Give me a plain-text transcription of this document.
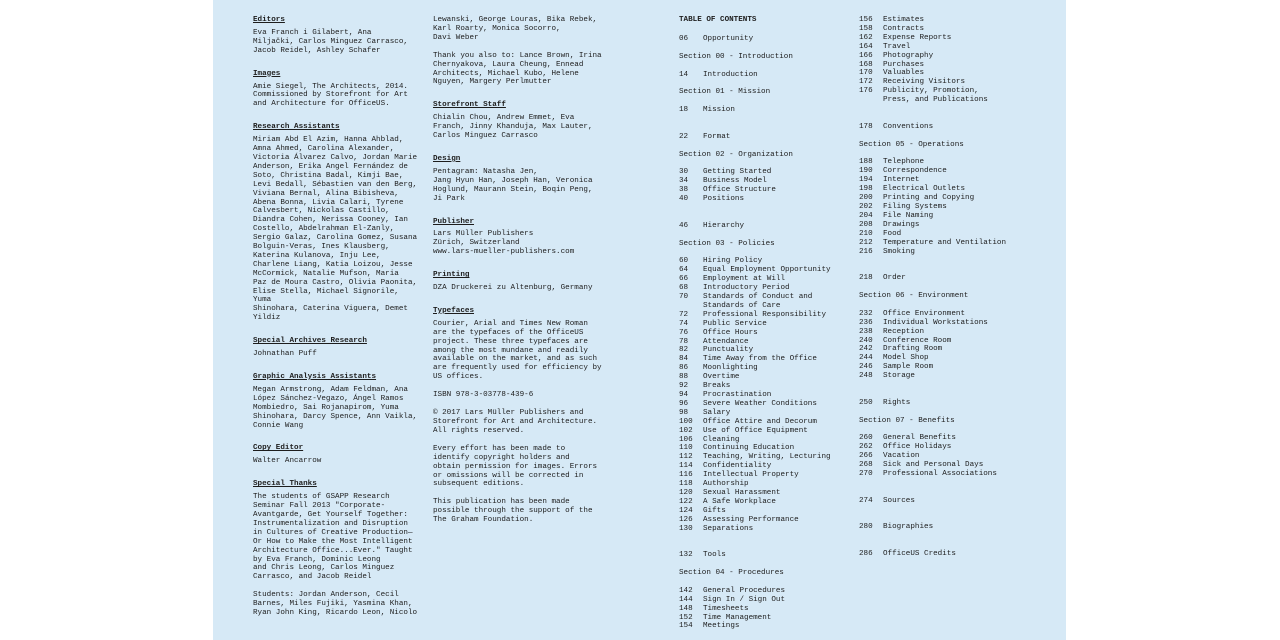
Editors
Eva Franch i Gilabert, Ana
Miljački, Carlos Minguez Carrasco,
Jacob Reidel, Ashley Schafer
Images
Amie Siegel, The Architects, 2014.
Commissioned by Storefront for Art
and Architecture for OfficeUS.
Research Assistants
Miriam Abd El Azim, Hanna Ahblad,
Amna Ahmed, Carolina Alexander,
Victoria Álvarez Calvo, Jordan Marie
Anderson, Erika Angel Fernández de
Soto, Christina Badal, Kimji Bae,
Levi Bedall, Sébastien van den Berg,
Viviana Bernal, Alina Bibisheva,
Abena Bonna, Livia Calari, Tyrene
Calvesbert, Nickolas Castillo,
Diandra Cohen, Nerissa Cooney, Ian
Costello, Abdelrahman El-Zanly,
Sergio Galaz, Carolina Gomez, Susana
Bolguin-Veras, Ines Klausberg,
Katerina Kulanova, Inju Lee,
Charlene Liang, Katia Loizou, Jesse
McCormick, Natalie Mufson, Maria
Paz de Moura Castro, Olivia Paonita,
Elise Stella, Michael Signorile, Yuma
Shinohara, Caterina Viguera, Demet
Yildiz
Special Archives Research
Johnathan Puff
Graphic Analysis Assistants
Megan Armstrong, Adam Feldman, Ana
López Sánchez-Vegazo, Ángel Ramos
Mombiedro, Sai Rojanapirom, Yuma
Shinohara, Darcy Spence, Ann Vaikla,
Connie Wang
Copy Editor
Walter Ancarrow
Special Thanks
The students of GSAPP Research
Seminar Fall 2013 "Corporate-
Avantgarde, Get Yourself Together:
Instrumentalization and Disruption
in Cultures of Creative Production—
Or How to Make the Most Intelligent
Architecture Office...Ever." Taught
by Eva Franch, Dominic Leong
and Chris Leong, Carlos Minguez
Carrasco, and Jacob Reidel
Students: Jordan Anderson, Cecil
Barnes, Miles Fujiki, Yasmina Khan,
Ryan John King, Ricardo Leon, Nicolo
Lewanski, George Louras, Bika Rebek,
Karl Roarty, Monica Socorro,
Davi Weber
Thank you also to: Lance Brown, Irina
Chernyakova, Laura Cheung, Ennead
Architects, Michael Kubo, Helene
Nguyen, Margery Perlmutter
Storefront Staff
Chialin Chou, Andrew Emmet, Eva
Franch, Jinny Khanduja, Max Lauter,
Carlos Minguez Carrasco
Design
Pentagram: Natasha Jen,
Jang Hyun Han, Joseph Han, Veronica
Hoglund, Maurann Stein, Boqin Peng,
Ji Park
Publisher
Lars Müller Publishers
Zürich, Switzerland
www.lars-mueller-publishers.com
Printing
DZA Druckerei zu Altenburg, Germany
Typefaces
Courier, Arial and Times New Roman
are the typefaces of the OfficeUS
project. These three typefaces are
among the most mundane and readily
available on the market, and as such
are frequently used for efficiency by
US offices.
ISBN 978-3-03778-439-6
© 2017 Lars Müller Publishers and
Storefront for Art and Architecture.
All rights reserved.
Every effort has been made to
identify copyright holders and
obtain permission for images. Errors
or omissions will be corrected in
subsequent editions.
This publication has been made
possible through the support of the
The Graham Foundation.
TABLE OF CONTENTS
06	Opportunity
Section 00 - Introduction
14	Introduction
Section 01 - Mission
18	Mission
22	Format
Section 02 - Organization
30	Getting Started
34	Business Model
38	Office Structure
40	Positions
46	Hierarchy
Section 03 - Policies
60	Hiring Policy
64	Equal Employment Opportunity
66	Employment at Will
68	Introductory Period
70	Standards of Conduct and
Standards of Care
72	Professional Responsibility
74	Public Service
76	Office Hours
78	Attendance
82	Punctuality
84	Time Away from the Office
86	Moonlighting
88	Overtime
92	Breaks
94	Procrastination
96	Severe Weather Conditions
98	Salary
100	Office Attire and Decorum
102	Use of Office Equipment
106	Cleaning
110	Continuing Education
112	Teaching, Writing, Lecturing
114	Confidentiality
116	Intellectual Property
118	Authorship
120	Sexual Harassment
122	A Safe Workplace
124	Gifts
126	Assessing Performance
130	Separations
132	Tools
Section 04 - Procedures
142	General Procedures
144	Sign In / Sign Out
148	Timesheets
152	Time Management
154	Meetings
156	Estimates
158	Contracts
162	Expense Reports
164	Travel
166	Photography
168	Purchases
170	Valuables
172	Receiving Visitors
176	Publicity, Promotion,
Press, and Publications
178	Conventions
Section 05 - Operations
188	Telephone
190	Correspondence
194	Internet
198	Electrical Outlets
200	Printing and Copying
202	Filing Systems
204	File Naming
208	Drawings
210	Food
212	Temperature and Ventilation
216	Smoking
218	Order
Section 06 - Environment
232	Office Environment
236	Individual Workstations
238	Reception
240	Conference Room
242	Drafting Room
244	Model Shop
246	Sample Room
248	Storage
250	Rights
Section 07 - Benefits
260	General Benefits
262	Office Holidays
266	Vacation
268	Sick and Personal Days
270	Professional Associations
274	Sources
280	Biographies
286	OfficeUS Credits
